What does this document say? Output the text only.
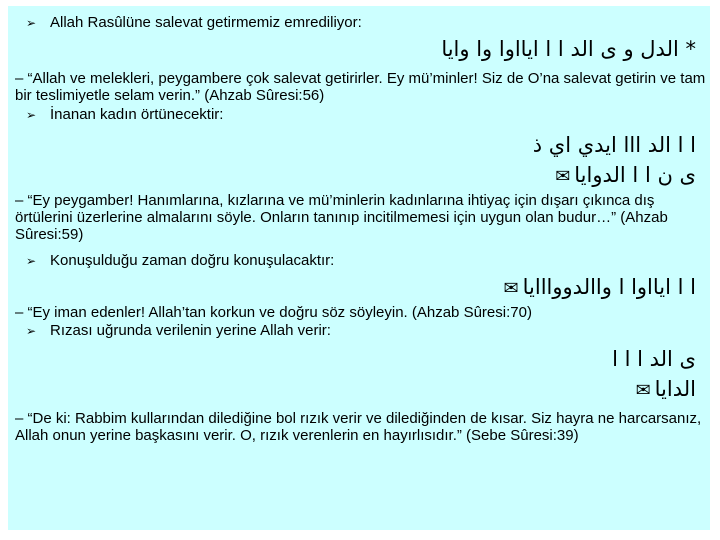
➢ Allah Rasûlüne salevat getirmemiz emrediliyor:
* الدل و ى الد ا ا ايااوا وا وايا
– “Allah ve melekleri, peygambere çok salevat getirirler. Ey mü’minler! Siz de O’na salevat getirin ve tam bir teslimiyetle selam verin.” (Ahzab Sûresi:56)
➢ İnanan kadın örtünecektir:
ا ا الد ااا ايدي اي ذ
ﯼ ن ا ا الدوايا✉
– “Ey peygamber! Hanımlarına, kızlarına ve mü’minlerin kadınlarına ihtiyaç için dışarı çıkınca dış örtülerini üzerlerine almalarını söyle. Onların tanınıp incitilmemesi için uygun olan budur…” (Ahzab Sûresi:59)
➢ Konuşulduğu zaman doğru konuşulacaktır:
ا ا ايااوا ا واالدووااايا✉
– “Ey iman edenler! Allah’tan korkun ve doğru söz söyleyin. (Ahzab Sûresi:70)
➢ Rızası uğrunda verilenin yerine Allah verir:
ى الد ا ا ا
الدايا✉
– “De ki: Rabbim kullarından dilediğine bol rızık verir ve dilediğinden de kısar. Siz hayra ne harcarsanız, Allah onun yerine başkasını verir. O, rızık verenlerin en hayırlısıdır.” (Sebe Sûresi:39)
